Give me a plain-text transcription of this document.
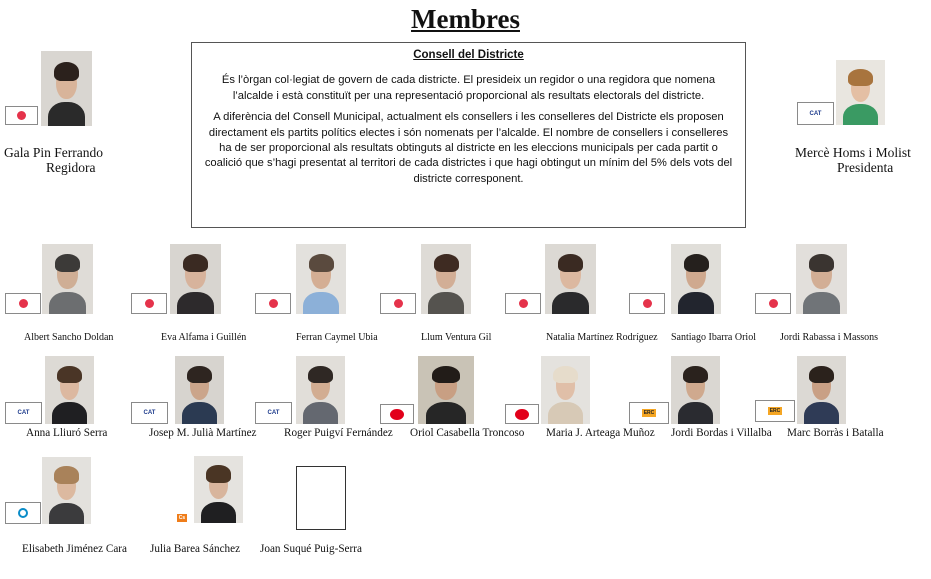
Membres
Consell del Districte

És l’òrgan col·legiat de govern de cada districte. El presideix un regidor o una regidora que nomena l’alcalde i està constituït per una representació proporcional als resultats electorals del districte.

A diferència del Consell Municipal, actualment els consellers i les conselleres del Districte els proposen directament els partits polítics electes i són nomenats per l’alcalde. El nombre de consellers i conselleres ha de ser proporcional als resultats obtinguts al districte en les eleccions municipals per cada partit o coalició que s’hagi presentat al territori de cada districtes i que hagi obtingut un mínim del 5% dels vots del districte corresponent.

Gala Pin Ferrando
Regidora
CAT
Mercè Homs i Molist
Presidenta
Albert Sancho Doldan	Eva Alfama i Guillén	Ferran Caymel Ubia	Llum Ventura Gil	Natalia Martínez Rodríguez Santiago Ibarra Oriol Jordi Rabassa i Massons
CAT
Anna Lliuró Serra
CAT
Josep M. Julià Martínez
CAT
Roger Puigví Fernández Oriol Casabella Troncoso Maria J. Arteaga Muñoz
ERC
Jordi Bordas i Villalba
ERC
Marc Borràs i Batalla
Elisabeth Jiménez Cara
Cs
Julia Barea Sánchez Joan Suqué Puig-Serra
